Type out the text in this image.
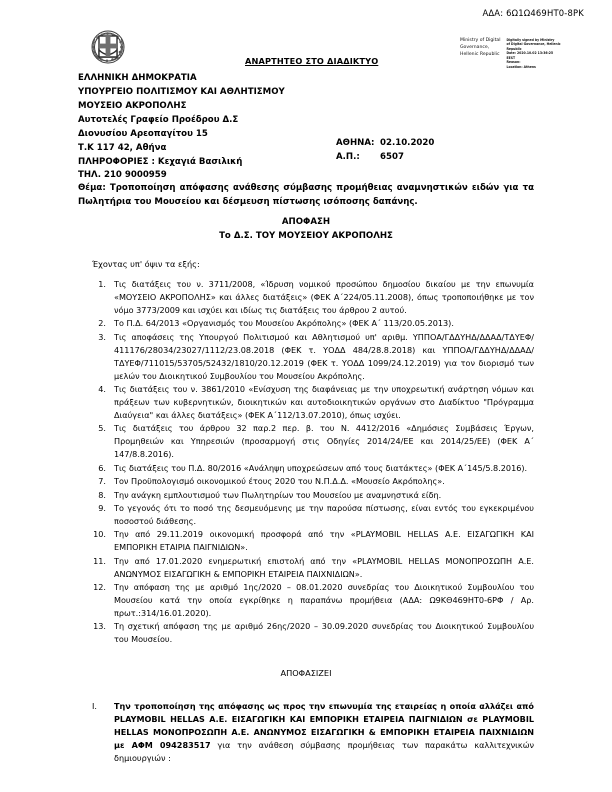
ΑΔΑ: 6Ω1Ω469ΗΤ0-8ΡΚ
Ministry of Digital
Governance,
Hellenic Republic
Digitally signed by Ministry
of Digital Governance, Hellenic
Republic
Date: 2020.10.02 13:36:25
EEST
Reason:
Location: Athens
ΑΝΑΡΤΗΤΕΟ ΣΤΟ ΔΙΑΔΙΚΤΥΟ
ΕΛΛΗΝΙΚΗ ΔΗΜΟΚΡΑΤΙΑ
ΥΠΟΥΡΓΕΙΟ ΠΟΛΙΤΙΣΜΟΥ ΚΑΙ ΑΘΛΗΤΙΣΜΟΥ
ΜΟΥΣΕΙΟ ΑΚΡΟΠΟΛΗΣ
Αυτοτελές Γραφείο Προέδρου Δ.Σ
Διονυσίου Αρεοπαγίτου 15
Τ.Κ 117 42, Αθήνα
ΠΛΗΡΟΦΟΡΙΕΣ : Κεχαγιά Βασιλική
ΤΗΛ. 210 9000959
ΑΘΗΝΑ: 02.10.2020
Α.Π.:	6507
Θέμα: Τροποποίηση απόφασης ανάθεσης σύμβασης προμήθειας αναμνηστικών ειδών για τα Πωλητήρια του Μουσείου και δέσμευση πίστωσης ισόποσης δαπάνης.
ΑΠΟΦΑΣΗ
Το Δ.Σ. ΤΟΥ ΜΟΥΣΕΙΟΥ ΑΚΡΟΠΟΛΗΣ
Έχοντας υπ' όψιν τα εξής:
1. Τις διατάξεις του ν. 3711/2008, «Ίδρυση νομικού προσώπου δημοσίου δικαίου με την επωνυμία «ΜΟΥΣΕΙΟ ΑΚΡΟΠΟΛΗΣ» και άλλες διατάξεις» (ΦΕΚ Α΄224/05.11.2008), όπως τροποποιήθηκε με τον νόμο 3773/2009 και ισχύει και ιδίως τις διατάξεις του άρθρου 2 αυτού.
2. Το Π.Δ. 64/2013 «Οργανισμός του Μουσείου Ακρόπολης» (ΦΕΚ Α΄ 113/20.05.2013).
3. Τις αποφάσεις της Υπουργού Πολιτισμού και Αθλητισμού υπ' αριθμ. ΥΠΠΟΑ/ΓΔΔΥΗΔ/ΔΔΑΔ/ΤΔΥΕΦ/ 411176/28034/23027/1112/23.08.2018 (ΦΕΚ τ. ΥΟΔΔ 484/28.8.2018) και ΥΠΠΟΑ/ΓΔΔΥΗΔ/ΔΔΑΔ/ ΤΔΥΕΦ/711015/53705/52432/1810/20.12.2019 (ΦΕΚ τ. ΥΟΔΔ 1099/24.12.2019) για τον διορισμό των μελών του Διοικητικού Συμβουλίου του Μουσείου Ακρόπολης.
4. Τις διατάξεις του ν. 3861/2010 «Ενίσχυση της διαφάνειας με την υποχρεωτική ανάρτηση νόμων και πράξεων των κυβερνητικών, διοικητικών και αυτοδιοικητικών οργάνων στο Διαδίκτυο "Πρόγραμμα Διαύγεια" και άλλες διατάξεις» (ΦΕΚ Α΄112/13.07.2010), όπως ισχύει.
5. Τις διατάξεις του άρθρου 32 παρ.2 περ. β. του Ν. 4412/2016 «Δημόσιες Συμβάσεις Έργων, Προμηθειών και Υπηρεσιών (προσαρμογή στις Οδηγίες 2014/24/ΕΕ και 2014/25/ΕΕ) (ΦΕΚ Α΄ 147/8.8.2016).
6. Τις διατάξεις του Π.Δ. 80/2016 «Ανάληψη υποχρεώσεων από τους διατάκτες» (ΦΕΚ Α΄145/5.8.2016).
7. Τον Προϋπολογισμό οικονομικού έτους 2020 του Ν.Π.Δ.Δ. «Μουσείο Ακρόπολης».
8. Την ανάγκη εμπλουτισμού των Πωλητηρίων του Μουσείου με αναμνηστικά είδη.
9. Το γεγονός ότι το ποσό της δεσμευόμενης με την παρούσα πίστωσης, είναι εντός του εγκεκριμένου ποσοστού διάθεσης.
10. Την από 29.11.2019 οικονομική προσφορά από την «PLAYMOBIL HELLAS A.E. ΕΙΣΑΓΩΓΙΚΗ ΚΑΙ ΕΜΠΟΡΙΚΗ ΕΤΑΙΡΙΑ ΠΑΙΓΝΙΔΙΩΝ».
11. Την από 17.01.2020 ενημερωτική επιστολή από την «PLAYMOBIL HELLAS ΜΟΝΟΠΡΟΣΩΠΗ Α.Ε. ΑΝΩΝΥΜΟΣ ΕΙΣΑΓΩΓΙΚΗ & ΕΜΠΟΡΙΚΗ ΕΤΑΙΡΕΙΑ ΠΑΙΧΝΙΔΙΩΝ».
12. Την απόφαση της με αριθμό 1ης/2020 – 08.01.2020 συνεδρίας του Διοικητικού Συμβουλίου του Μουσείου κατά την οποία εγκρίθηκε η παραπάνω προμήθεια (ΑΔΑ: Ω9ΚΘ469ΗΤ0-6ΡΦ / Αρ. πρωτ.:314/16.01.2020).
13. Τη σχετική απόφαση της με αριθμό 26ης/2020 – 30.09.2020 συνεδρίας του Διοικητικού Συμβουλίου του Μουσείου.
ΑΠΟΦΑΣΙΖΕΙ
I.	Την τροποποίηση της απόφασης ως προς την επωνυμία της εταιρείας η οποία αλλάζει από PLAYMOBIL HELLAS A.E. ΕΙΣΑΓΩΓΙΚΗ ΚΑΙ ΕΜΠΟΡΙΚΗ ΕΤΑΙΡΕΙΑ ΠΑΙΓΝΙΔΙΩΝ σε PLAYMOBIL HELLAS ΜΟΝΟΠΡΟΣΩΠΗ Α.Ε. ΑΝΩΝΥΜΟΣ ΕΙΣΑΓΩΓΙΚΗ & ΕΜΠΟΡΙΚΗ ΕΤΑΙΡΕΙΑ ΠΑΙΧΝΙΔΙΩΝ με ΑΦΜ 094283517 για την ανάθεση σύμβασης προμήθειας των παρακάτω καλλιτεχνικών δημιουργιών :
